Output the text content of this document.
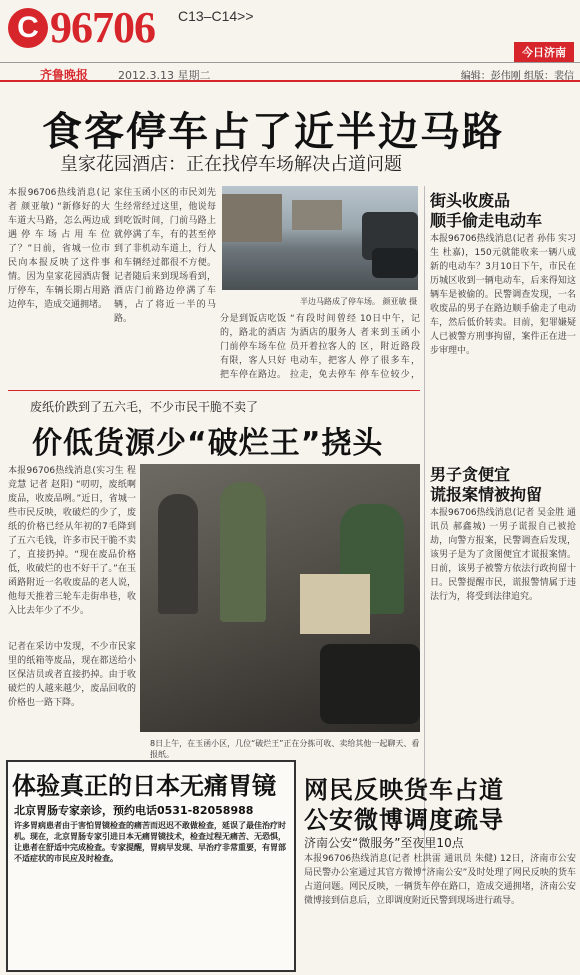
C 96706 C13–C14>>
今日济南
齐鲁晚报	2012.3.13 星期二	编辑：彭伟刚 组版：裴信
食客停车占了近半边马路
皇家花园酒店：正在找停车场解决占道问题
本报96706热线消息(记者 颜亚敏) “新修好的大车道大马路，怎么两边成遇停车场占用车位了？”日前，省城一位市民向本报反映了这件事情。因为皇家花园酒店餐厅停车，车辆长期占用路边停车，造成交通拥堵。
家住玉函小区的市民刘先生经常经过这里，他说每到吃饭时间，门前马路上就停满了车，有的甚至停到了非机动车道上，行人和车辆经过都很不方便。记者随后来到现场看到，酒店门前路边停满了车辆，占了将近一半的马路。
半边马路成了停车场。 颜亚敏 摄
分是到饭店吃饭的，路北的酒店门前停车场车位有限，客人只好把车停在路边。
“有段时间曾经为酒店的服务人员开着拉客人的电动车，把客人拉走，免去停车
10日中午，记者来到玉函小区，附近路段停了很多车，停车位较少，
街头收废品
顺手偷走电动车
本报96706热线消息(记者 孙伟 实习生 杜嘉)，150元就能收来一辆八成新的电动车？3月10日下午，市民在历城区收到一辆电动车，后来得知这辆车是被偷的。民警调查发现，一名收废品的男子在路边顺手偷走了电动车，然后低价转卖。目前，犯罪嫌疑人已被警方刑事拘留，案件正在进一步审理中。
男子贪便宜
谎报案情被拘留
本报96706热线消息(记者 吴金胜 通讯员 郝鑫城) 一男子谎报自己被抢劫，向警方报案，民警调查后发现，该男子是为了贪图便宜才谎报案情。日前，该男子被警方依法行政拘留十日。民警提醒市民，谎报警情属于违法行为，将受到法律追究。
废纸价跌到了五六毛，不少市民干脆不卖了
价低货源少“破烂王”挠头
本报96706热线消息(实习生 程竞慧 记者 赵阳) “叨叨，废纸啊废品，收废品咧。”近日，省城一些市民反映，收破烂的少了，废纸的价格已经从年初的7毛降到了五六毛钱，许多市民干脆不卖了，直接扔掉。“现在废品价格低，收破烂的也不好干了。”在玉函路附近一名收废品的老人说，他每天推着三轮车走街串巷，收入比去年少了不少。
8日上午，在玉函小区，几位“破烂王”正在分拣可收、卖给其他一起聊天、看报纸。
记者在采访中发现，不少市民家里的纸箱等废品，现在都送给小区保洁员或者直接扔掉。由于收破烂的人越来越少，废品回收的价格也一路下降。
体验真正的日本无痛胃镜
北京胃肠专家亲诊，预约电话0531-82058988
许多胃病患者由于害怕胃镜检查的痛苦而迟迟不敢做检查，延误了最佳治疗时机。现在，北京胃肠专家引进日本无痛胃镜技术，检查过程无痛苦、无恐惧，让患者在舒适中完成检查。专家提醒，胃病早发现、早治疗非常重要，有胃部不适症状的市民应及时检查。
网民反映货车占道
公安微博调度疏导
济南公安“微服务”至夜里10点
本报96706热线消息(记者 杜洪雷 通讯员 朱健) 12日，济南市公安局民警办公室通过其官方微博“济南公安”及时处理了网民反映的货车占道问题。网民反映，一辆货车停在路口，造成交通拥堵，济南公安微博接到信息后，立即调度附近民警到现场进行疏导。
